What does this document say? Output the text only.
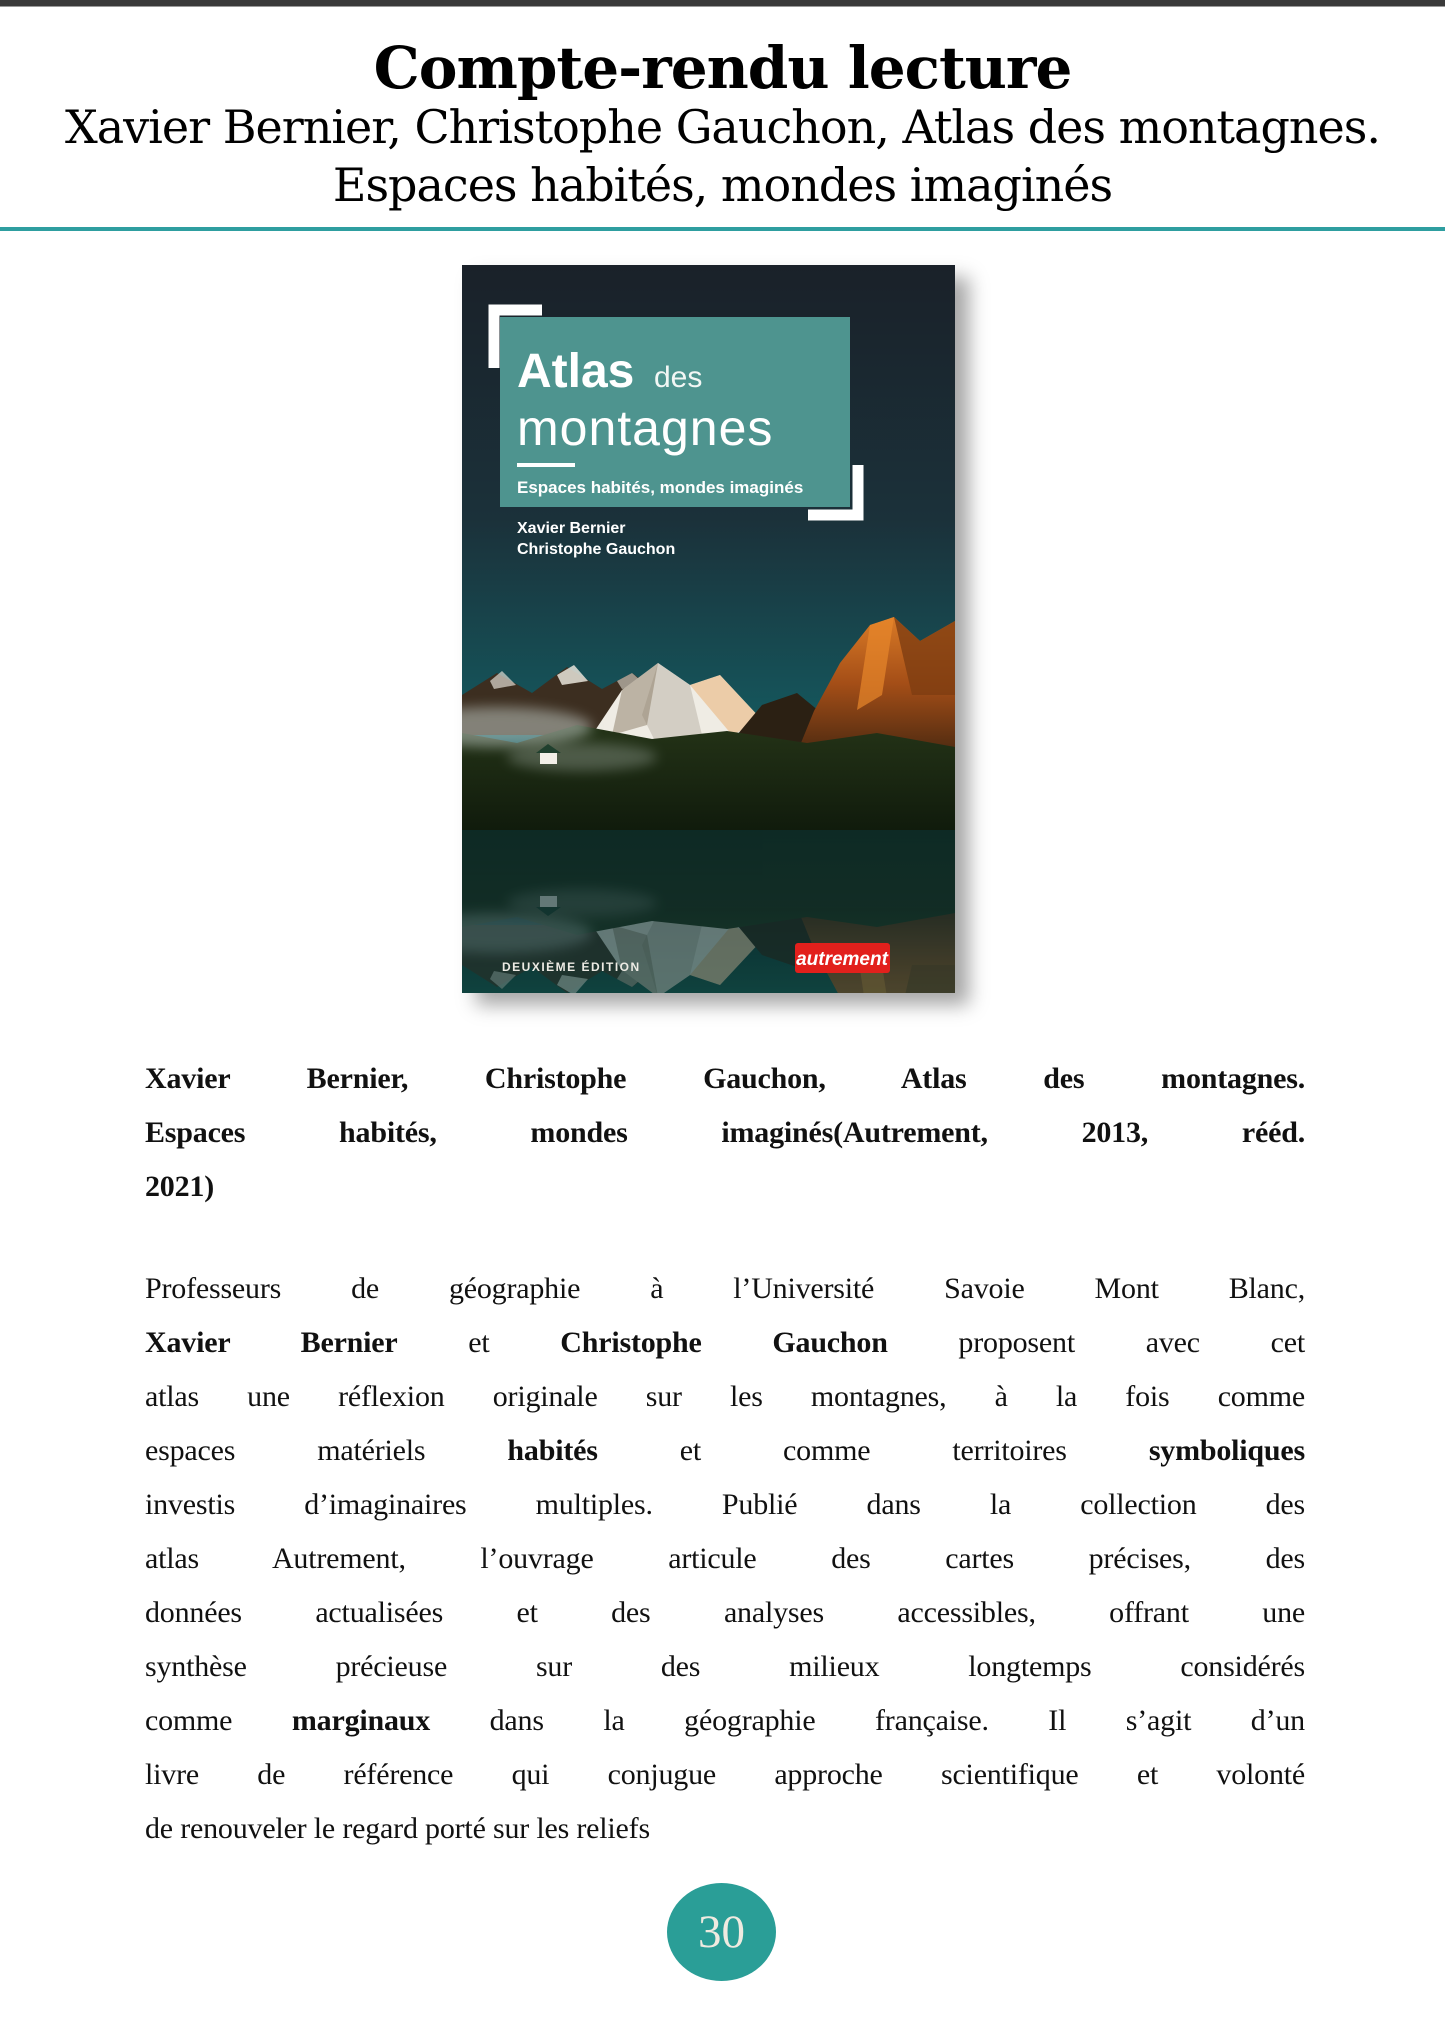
Compte-rendu lecture
Xavier Bernier, Christophe Gauchon, Atlas des montagnes.
Espaces habités, mondes imaginés
Atlas des
montagnes
Espaces habités, mondes imaginés
Xavier Bernier
Christophe Gauchon
DEUXIÈME ÉDITION	autrement
Xavier Bernier, Christophe Gauchon, Atlas des montagnes.
Espaces habités, mondes imaginés(Autrement, 2013, rééd.
2021)
Professeurs de géographie à l’Université Savoie Mont Blanc,
Xavier Bernier et Christophe Gauchon proposent avec cet
atlas une réflexion originale sur les montagnes, à la fois comme
espaces matériels habités et comme territoires symboliques
investis d’imaginaires multiples. Publié dans la collection des
atlas Autrement, l’ouvrage articule des cartes précises, des
données actualisées et des analyses accessibles, offrant une
synthèse précieuse sur des milieux longtemps considérés
comme marginaux dans la géographie française. Il s’agit d’un
livre de référence qui conjugue approche scientifique et volonté
de renouveler le regard porté sur les reliefs
30
